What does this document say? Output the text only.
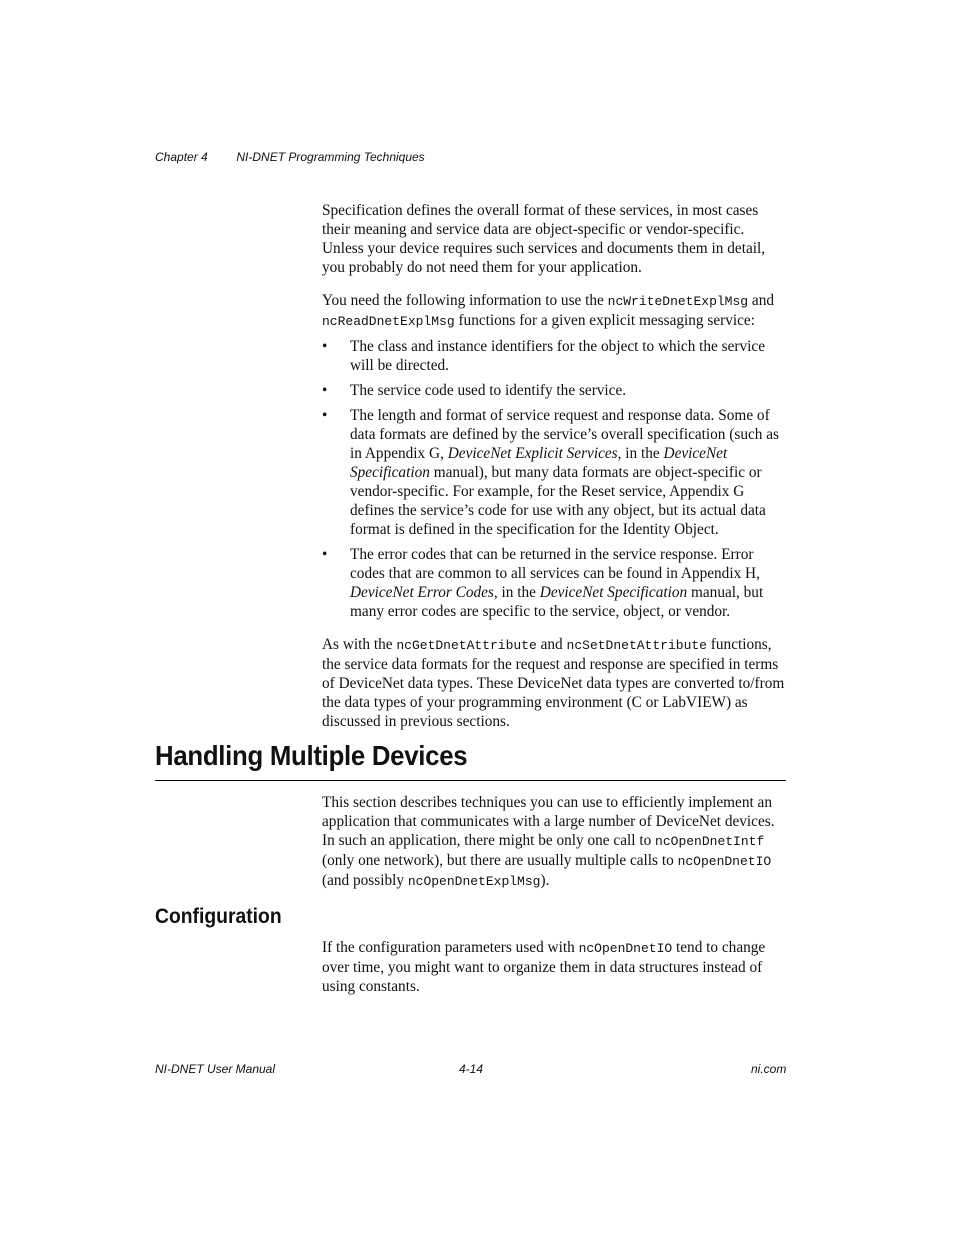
Chapter 4 NI-DNET Programming Techniques

Specification defines the overall format of these services, in most cases their meaning and service data are object-specific or vendor-specific. Unless your device requires such services and documents them in detail, you probably do not need them for your application.

You need the following information to use the ncWriteDnetExplMsg and ncReadDnetExplMsg functions for a given explicit messaging service:

• The class and instance identifiers for the object to which the service will be directed.
• The service code used to identify the service.
• The length and format of service request and response data. Some of data formats are defined by the service’s overall specification (such as in Appendix G, DeviceNet Explicit Services, in the DeviceNet Specification manual), but many data formats are object-specific or vendor-specific. For example, for the Reset service, Appendix G defines the service’s code for use with any object, but its actual data format is defined in the specification for the Identity Object.
• The error codes that can be returned in the service response. Error codes that are common to all services can be found in Appendix H, DeviceNet Error Codes, in the DeviceNet Specification manual, but many error codes are specific to the service, object, or vendor.

As with the ncGetDnetAttribute and ncSetDnetAttribute functions, the service data formats for the request and response are specified in terms of DeviceNet data types. These DeviceNet data types are converted to/from the data types of your programming environment (C or LabVIEW) as discussed in previous sections.

Handling Multiple Devices

This section describes techniques you can use to efficiently implement an application that communicates with a large number of DeviceNet devices. In such an application, there might be only one call to ncOpenDnetIntf (only one network), but there are usually multiple calls to ncOpenDnetIO (and possibly ncOpenDnetExplMsg).

Configuration

If the configuration parameters used with ncOpenDnetIO tend to change over time, you might want to organize them in data structures instead of using constants.

NI-DNET User Manual	4-14	ni.com
